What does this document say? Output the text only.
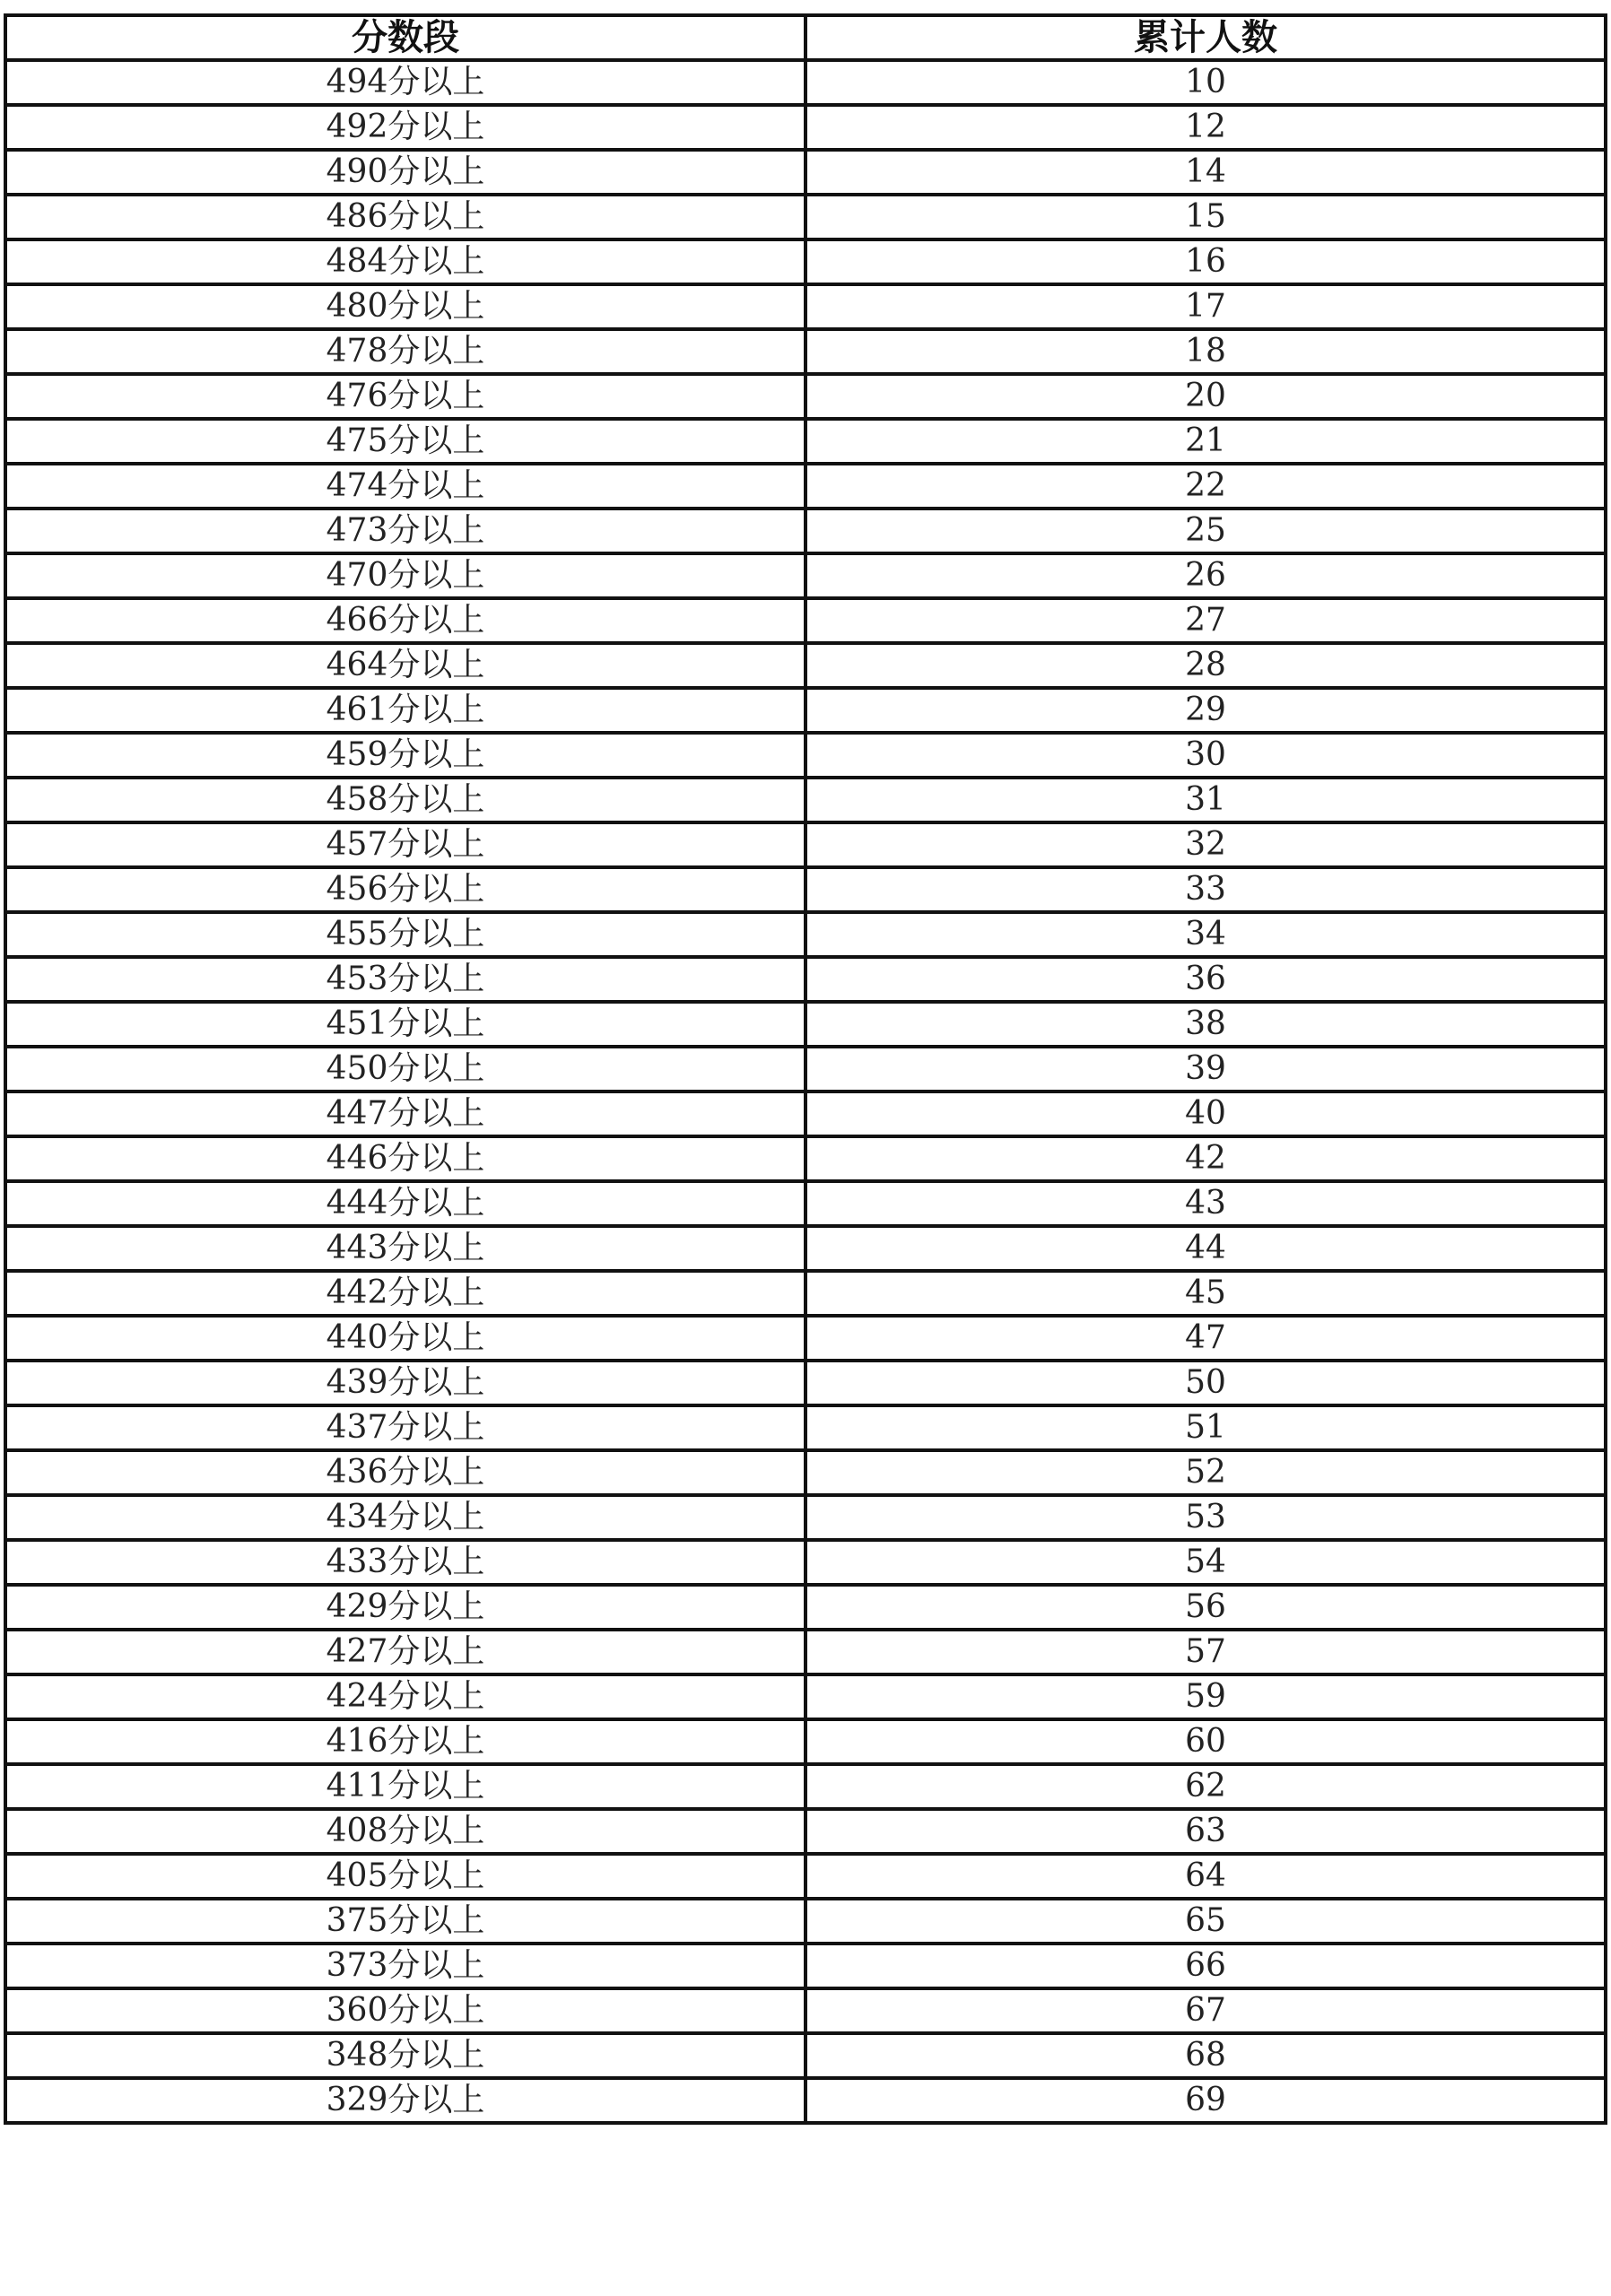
分数段	累计人数
494分以上	10
492分以上	12
490分以上	14
486分以上	15
484分以上	16
480分以上	17
478分以上	18
476分以上	20
475分以上	21
474分以上	22
473分以上	25
470分以上	26
466分以上	27
464分以上	28
461分以上	29
459分以上	30
458分以上	31
457分以上	32
456分以上	33
455分以上	34
453分以上	36
451分以上	38
450分以上	39
447分以上	40
446分以上	42
444分以上	43
443分以上	44
442分以上	45
440分以上	47
439分以上	50
437分以上	51
436分以上	52
434分以上	53
433分以上	54
429分以上	56
427分以上	57
424分以上	59
416分以上	60
411分以上	62
408分以上	63
405分以上	64
375分以上	65
373分以上	66
360分以上	67
348分以上	68
329分以上	69
